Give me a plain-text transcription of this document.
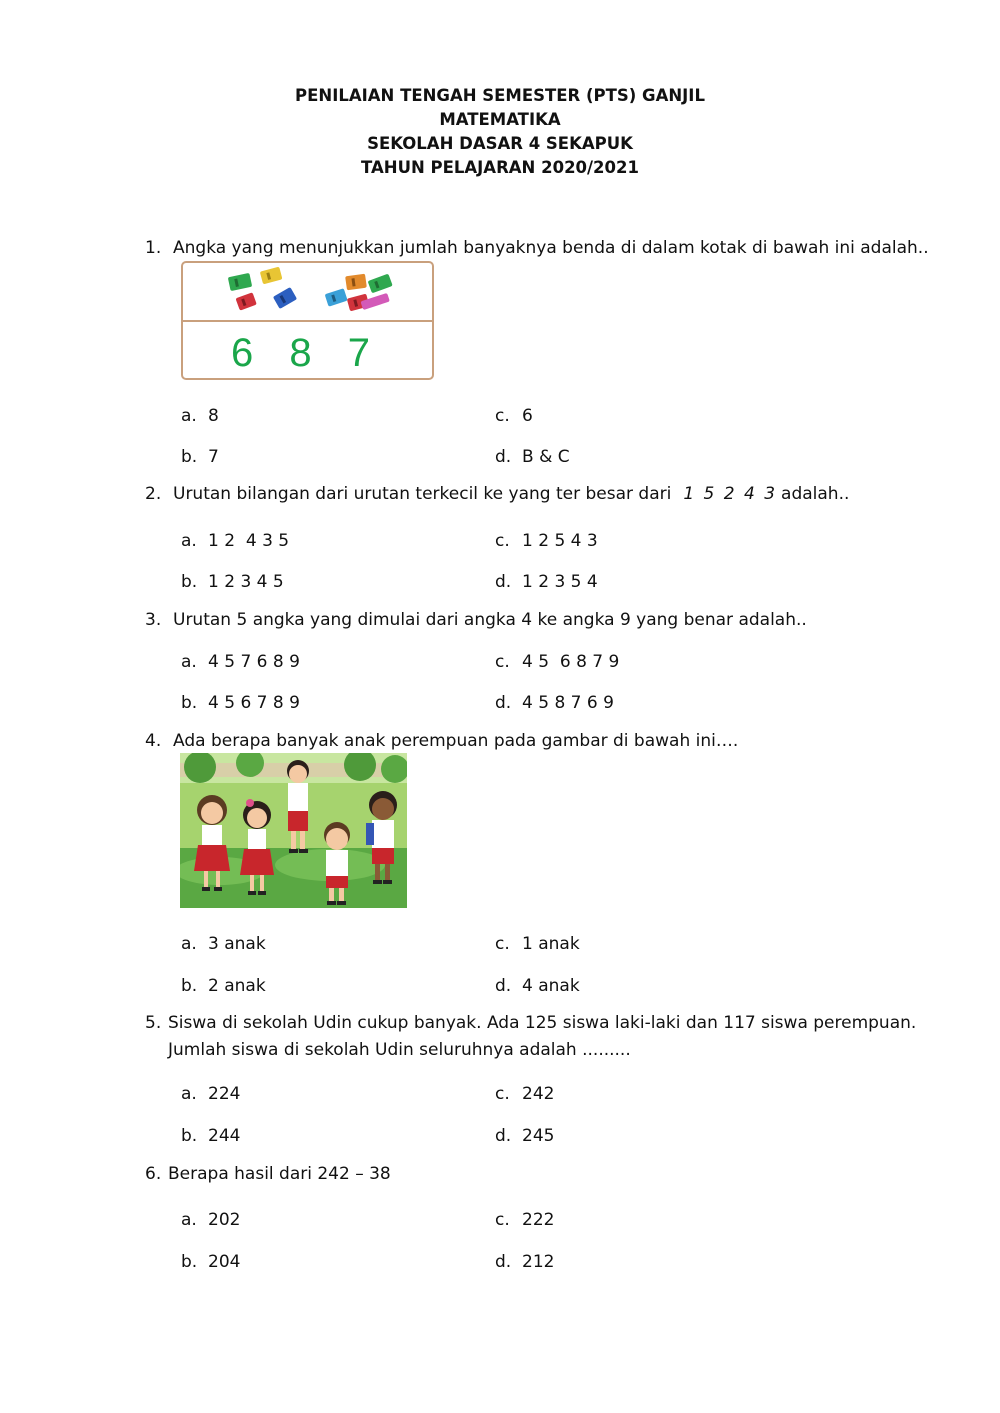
PENILAIAN TENGAH SEMESTER (PTS) GANJIL
MATEMATIKA
SEKOLAH DASAR 4 SEKAPUK
TAHUN PELAJARAN 2020/2021
1. Angka yang menunjukkan jumlah banyaknya benda di dalam kotak di bawah ini adalah..
6 8 7
a. 8
b. 7
c. 6
d. B & C
2. Urutan bilangan dari urutan terkecil ke yang ter besar dari 1 5 2 4 3 adalah..
a. 1 2  4 3 5
b. 1 2 3 4 5
c. 1 2 5 4 3
d. 1 2 3 5 4
3. Urutan 5 angka yang dimulai dari angka 4 ke angka 9 yang benar adalah..
a. 4 5 7 6 8 9
b. 4 5 6 7 8 9
c. 4 5  6 8 7 9
d. 4 5 8 7 6 9
4. Ada berapa banyak anak perempuan pada gambar di bawah ini….
a. 3 anak
b. 2 anak
c. 1 anak
d. 4 anak
5. Siswa di sekolah Udin cukup banyak. Ada 125 siswa laki-laki dan 117 siswa perempuan.
Jumlah siswa di sekolah Udin seluruhnya adalah .........
a. 224
b. 244
c. 242
d. 245
6. Berapa hasil dari 242 – 38
a. 202
b. 204
c. 222
d. 212
